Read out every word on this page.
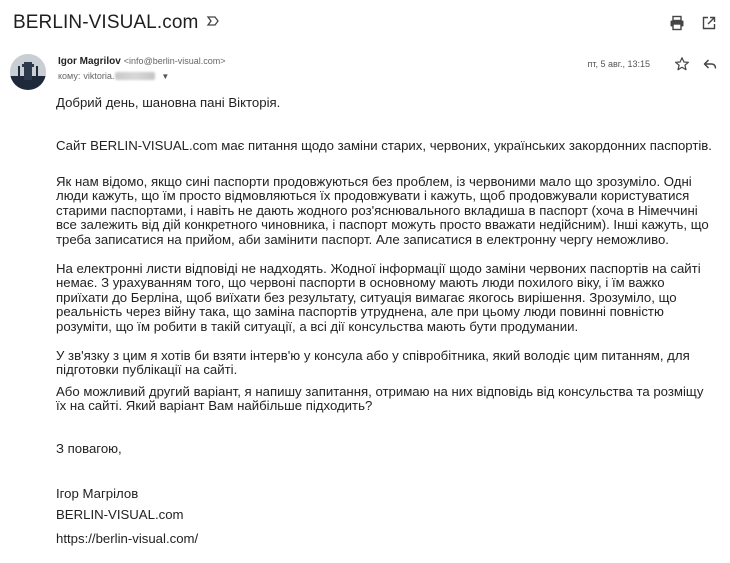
BERLIN-VISUAL.com
Igor Magrilov <info@berlin-visual.com>
кому: viktoria.	▼
пт, 5 авг., 13:15
Добрий день, шановна пані Вікторія.
Сайт BERLIN-VISUAL.com має питання щодо заміни старих, червоних, українських закордонних паспортів.
Як нам відомо, якщо сині паспорти продовжуються без проблем, із червоними мало що зрозуміло. Одні люди кажуть, що їм просто відмовляються їх продовжувати і кажуть, щоб продовжували користуватися старими паспортами, і навіть не дають жодного роз'яснювального вкладиша в паспорт (хоча в Німеччині все залежить від дій конкретного чиновника, і паспорт можуть просто вважати недійсним). Інші кажуть, що треба записатися на прийом, аби замінити паспорт. Але записатися в електронну чергу неможливо.
На електронні листи відповіді не надходять. Жодної інформації щодо заміни червоних паспортів на сайті немає. З урахуванням того, що червоні паспорти в основному мають люди похилого віку, і їм важко приїхати до Берліна, щоб виїхати без результату, ситуація вимагає якогось вирішення. Зрозуміло, що реальність через війну така, що заміна паспортів утруднена, але при цьому люди повинні повністю розуміти, що їм робити в такій ситуації, а всі дії консульства мають бути продумании.
У зв'язку з цим я хотів би взяти інтерв'ю у консула або у співробітника, який володіє цим питанням, для підготовки публікації на сайті.
Або можливий другий варіант, я напишу запитання, отримаю на них відповідь від консульства та розміщу їх на сайті. Який варіант Вам найбільше підходить?
З повагою,
Ігор Магрілов
BERLIN-VISUAL.com
https://berlin-visual.com/
